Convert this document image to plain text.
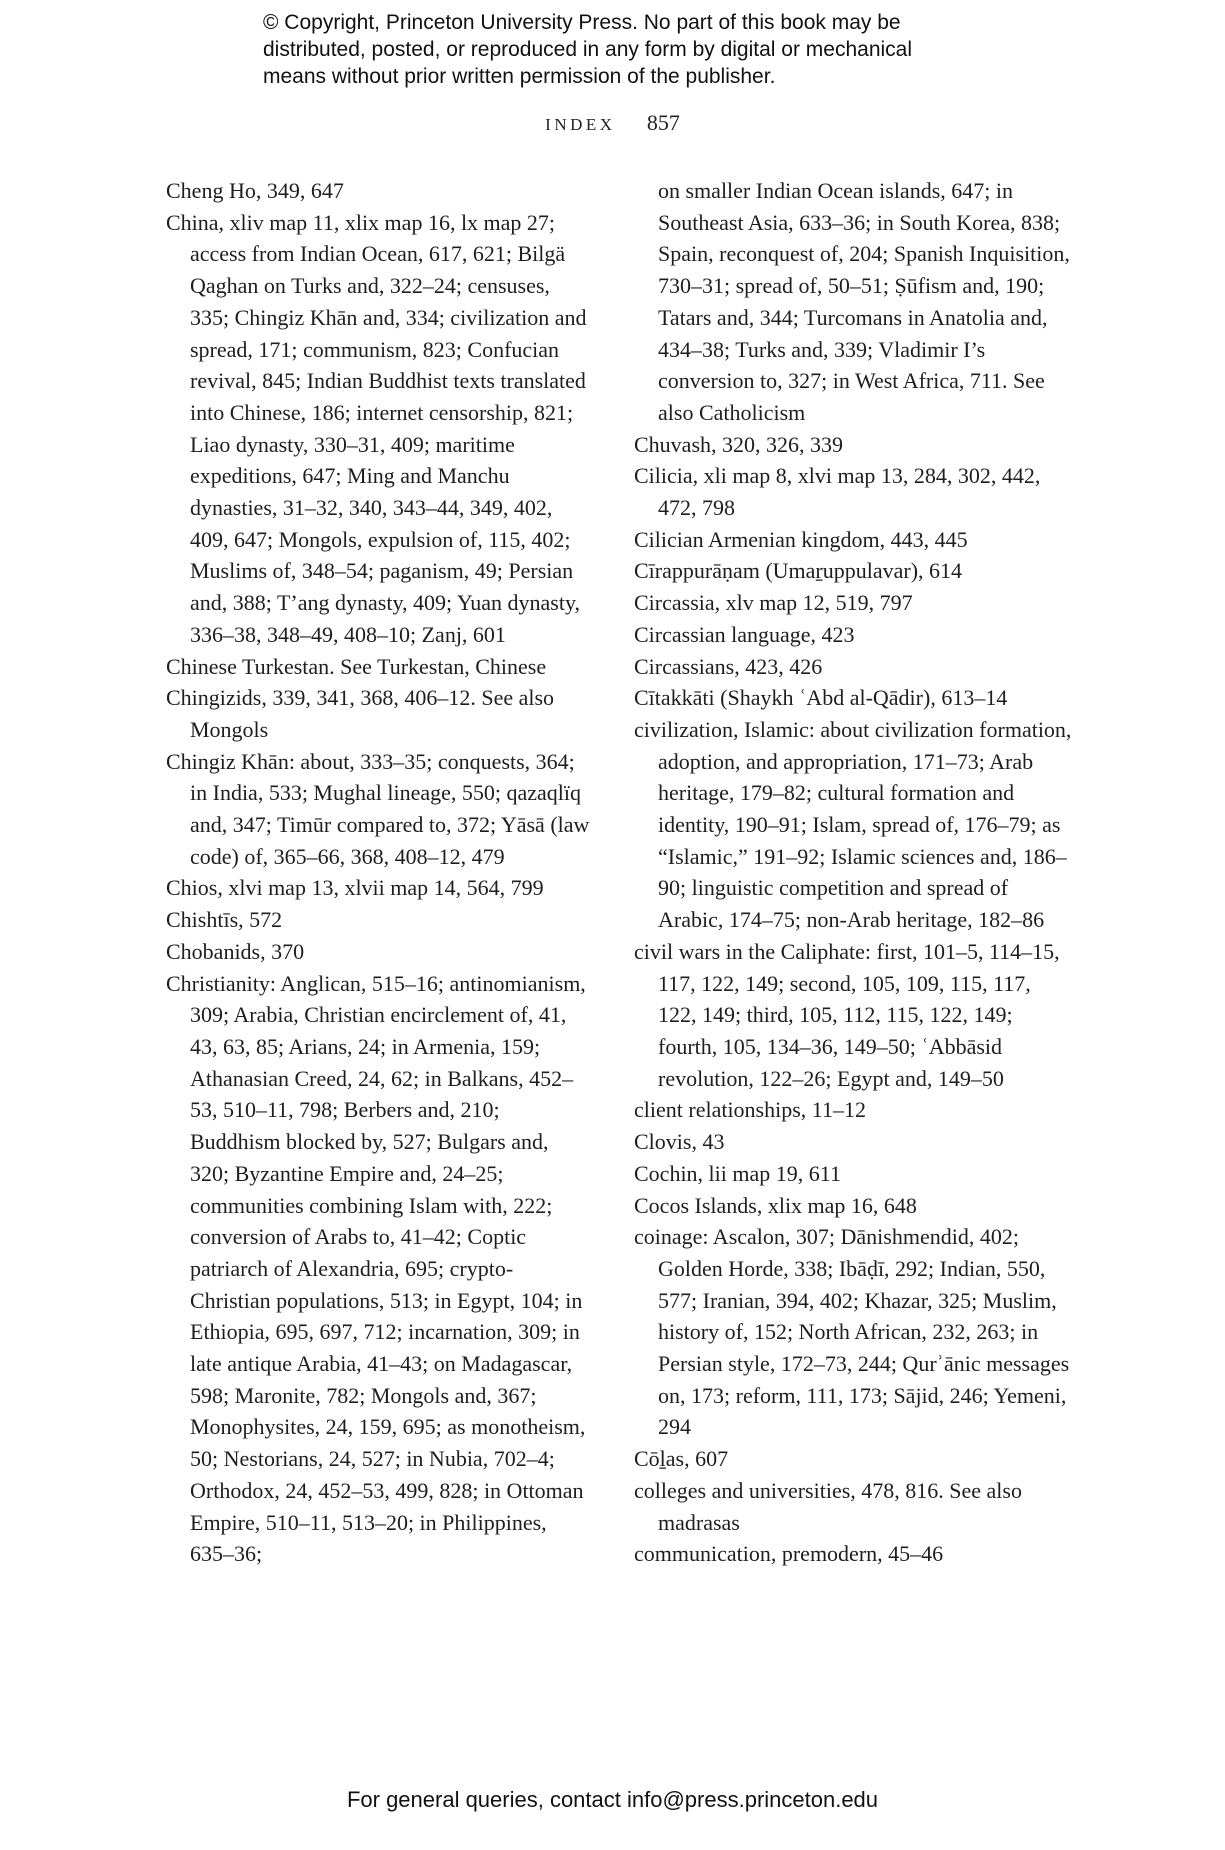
© Copyright, Princeton University Press. No part of this book may be
distributed, posted, or reproduced in any form by digital or mechanical
means without prior written permission of the publisher.
INDEX 857

Cheng Ho, 349, 647

China, xliv map 11, xlix map 16, lx map 27; access from Indian Ocean, 617, 621; Bilgä Qaghan on Turks and, 322–24; censuses, 335; Chingiz Khān and, 334; civilization and spread, 171; communism, 823; Confucian revival, 845; Indian Buddhist texts translated into Chinese, 186; internet censorship, 821; Liao dynasty, 330–31, 409; maritime expeditions, 647; Ming and Manchu dynasties, 31–32, 340, 343–44, 349, 402, 409, 647; Mongols, expulsion of, 115, 402; Muslims of, 348–54; paganism, 49; Persian and, 388; T’ang dynasty, 409; Yuan dynasty, 336–38, 348–49, 408–10; Zanj, 601

Chinese Turkestan. See Turkestan, Chinese

Chingizids, 339, 341, 368, 406–12. See also Mongols

Chingiz Khān: about, 333–35; conquests, 364; in India, 533; Mughal lineage, 550; qazaqlïq and, 347; Timūr compared to, 372; Yāsā (law code) of, 365–66, 368, 408–12, 479

Chios, xlvi map 13, xlvii map 14, 564, 799

Chishtīs, 572

Chobanids, 370

Christianity: Anglican, 515–16; antinomianism, 309; Arabia, Christian encirclement of, 41, 43, 63, 85; Arians, 24; in Armenia, 159; Athanasian Creed, 24, 62; in Balkans, 452–53, 510–11, 798; Berbers and, 210; Buddhism blocked by, 527; Bulgars and, 320; Byzantine Empire and, 24–25; communities combining Islam with, 222; conversion of Arabs to, 41–42; Coptic patriarch of Alexandria, 695; crypto-Christian populations, 513; in Egypt, 104; in Ethiopia, 695, 697, 712; incarnation, 309; in late antique Arabia, 41–43; on Madagascar, 598; Maronite, 782; Mongols and, 367; Monophysites, 24, 159, 695; as monotheism, 50; Nestorians, 24, 527; in Nubia, 702–4; Orthodox, 24, 452–53, 499, 828; in Ottoman Empire, 510–11, 513–20; in Philippines, 635–36;

on smaller Indian Ocean islands, 647; in Southeast Asia, 633–36; in South Korea, 838; Spain, reconquest of, 204; Spanish Inquisition, 730–31; spread of, 50–51; Ṣūfism and, 190; Tatars and, 344; Turcomans in Anatolia and, 434–38; Turks and, 339; Vladimir I’s conversion to, 327; in West Africa, 711. See also Catholicism

Chuvash, 320, 326, 339

Cilicia, xli map 8, xlvi map 13, 284, 302, 442, 472, 798

Cilician Armenian kingdom, 443, 445

Cīrappurāṇam (Umaṟuppulavar), 614

Circassia, xlv map 12, 519, 797

Circassian language, 423

Circassians, 423, 426

Cītakkāti (Shaykh ʿAbd al-Qādir), 613–14

civilization, Islamic: about civilization formation, adoption, and appropriation, 171–73; Arab heritage, 179–82; cultural formation and identity, 190–91; Islam, spread of, 176–79; as “Islamic,” 191–92; Islamic sciences and, 186–90; linguistic competition and spread of Arabic, 174–75; non-Arab heritage, 182–86

civil wars in the Caliphate: first, 101–5, 114–15, 117, 122, 149; second, 105, 109, 115, 117, 122, 149; third, 105, 112, 115, 122, 149; fourth, 105, 134–36, 149–50; ʿAbbāsid revolution, 122–26; Egypt and, 149–50

client relationships, 11–12

Clovis, 43

Cochin, lii map 19, 611

Cocos Islands, xlix map 16, 648

coinage: Ascalon, 307; Dānishmendid, 402; Golden Horde, 338; Ibāḍī, 292; Indian, 550, 577; Iranian, 394, 402; Khazar, 325; Muslim, history of, 152; North African, 232, 263; in Persian style, 172–73, 244; Qurʾānic messages on, 173; reform, 111, 173; Sājid, 246; Yemeni, 294

Cōḻas, 607

colleges and universities, 478, 816. See also madrasas

communication, premodern, 45–46

For general queries, contact info@press.princeton.edu
